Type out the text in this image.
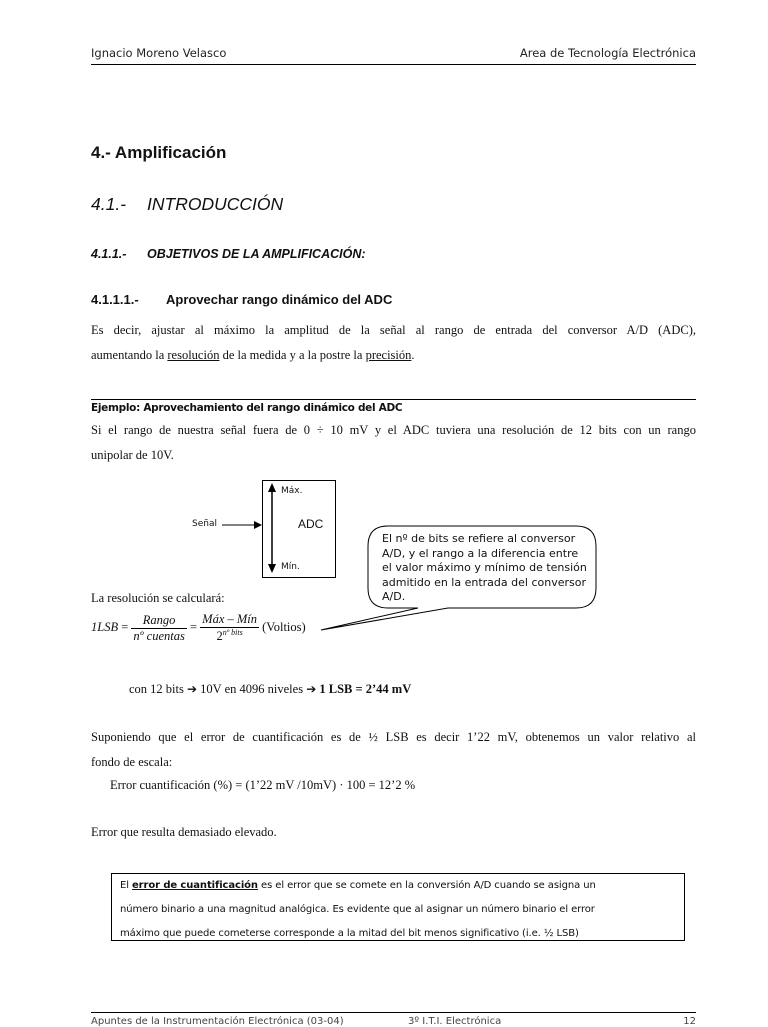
Ignacio Moreno Velasco	Area de Tecnología Electrónica
4.- Amplificación
4.1.- INTRODUCCIÓN
4.1.1.- OBJETIVOS DE LA AMPLIFICACIÓN:
4.1.1.1.- Aprovechar rango dinámico del ADC
Es decir, ajustar al máximo la amplitud de la señal al rango de entrada del conversor A/D (ADC),
aumentando la resolución de la medida y a la postre la precisión.
Ejemplo: Aprovechamiento del rango dinámico del ADC
Si el rango de nuestra señal fuera de 0 ÷ 10 mV y el ADC tuviera una resolución de 12 bits con un rango
unipolar de 10V.
Máx.
Mín.
ADC
Señal
El nº de bits se refiere al conversor
A/D, y el rango a la diferencia entre
el valor máximo y mínimo de tensión
admitido en la entrada del conversor
A/D.
La resolución se calculará:
$1LSB = \frac{\text{Rango}}{\text{nº cuentas}} = \frac{\text{Máx – Mín}}{2^{nº bits}}$ (Voltios)
con 12 bits ➔ 10V en 4096 niveles ➔ 1 LSB = 2’44 mV
Suponiendo que el error de cuantificación es de ½ LSB es decir 1’22 mV, obtenemos un valor relativo al
fondo de escala:
Error cuantificación (%) = (1’22 mV /10mV) · 100 = 12’2 %
Error que resulta demasiado elevado.

El error de cuantificación es el error que se comete en la conversión A/D cuando se asigna un

número binario a una magnitud analógica. Es evidente que al asignar un número binario el error

máximo que puede cometerse corresponde a la mitad del bit menos significativo (i.e. ½ LSB)

Apuntes de la Instrumentación Electrónica (03-04)	3º I.T.I. Electrónica	12
